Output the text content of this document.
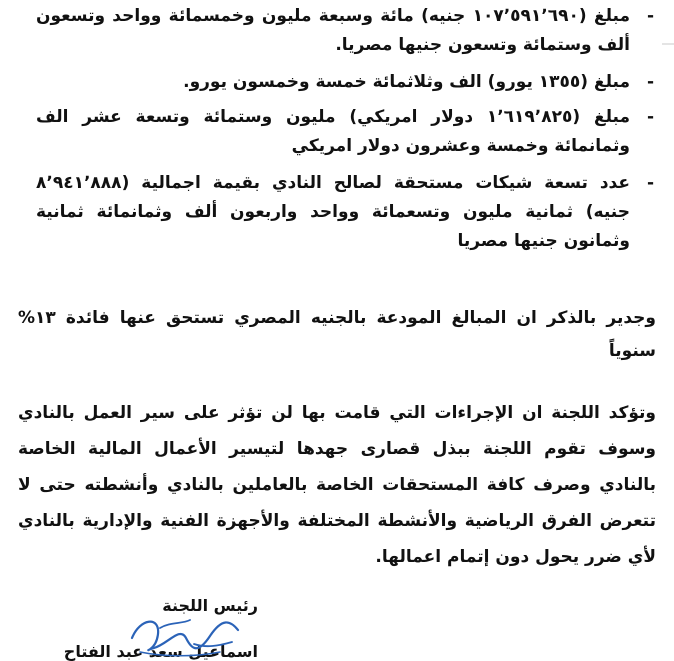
-
مبلغ (١٠٧٬٥٩١٬٦٩٠ جنيه) مائة وسبعة مليون وخمسمائة وواحد وتسعون ألف وستمائة وتسعون جنيها مصريا.
-
مبلغ (١٣٥٥ يورو) الف وثلاثمائة خمسة وخمسون يورو.
-
مبلغ (١٬٦١٩٬٨٢٥ دولار امريكي) مليون وستمائة وتسعة عشر الف وثمانمائة وخمسة وعشرون دولار امريكي
-
عدد تسعة شيكات مستحقة لصالح النادي بقيمة اجمالية (٨٬٩٤١٬٨٨٨ جنيه) ثمانية مليون وتسعمائة وواحد واربعون ألف وثمانمائة ثمانية وثمانون جنيها مصريا

وجدير بالذكر ان المبالغ المودعة بالجنيه المصري تستحق عنها فائدة ١٣% سنوياً

وتؤكد اللجنة ان الإجراءات التي قامت بها لن تؤثر على سير العمل بالنادي وسوف تقوم اللجنة ببذل قصارى جهدها لتيسير الأعمال المالية الخاصة بالنادي وصرف كافة المستحقات الخاصة بالعاملين بالنادي وأنشطته حتى لا تتعرض الفرق الرياضية والأنشطة المختلفة والأجهزة الفنية والإدارية بالنادي لأي ضرر يحول دون إتمام اعمالها.

رئيس اللجنة

اسماعيل سعد عبد الفتاح
